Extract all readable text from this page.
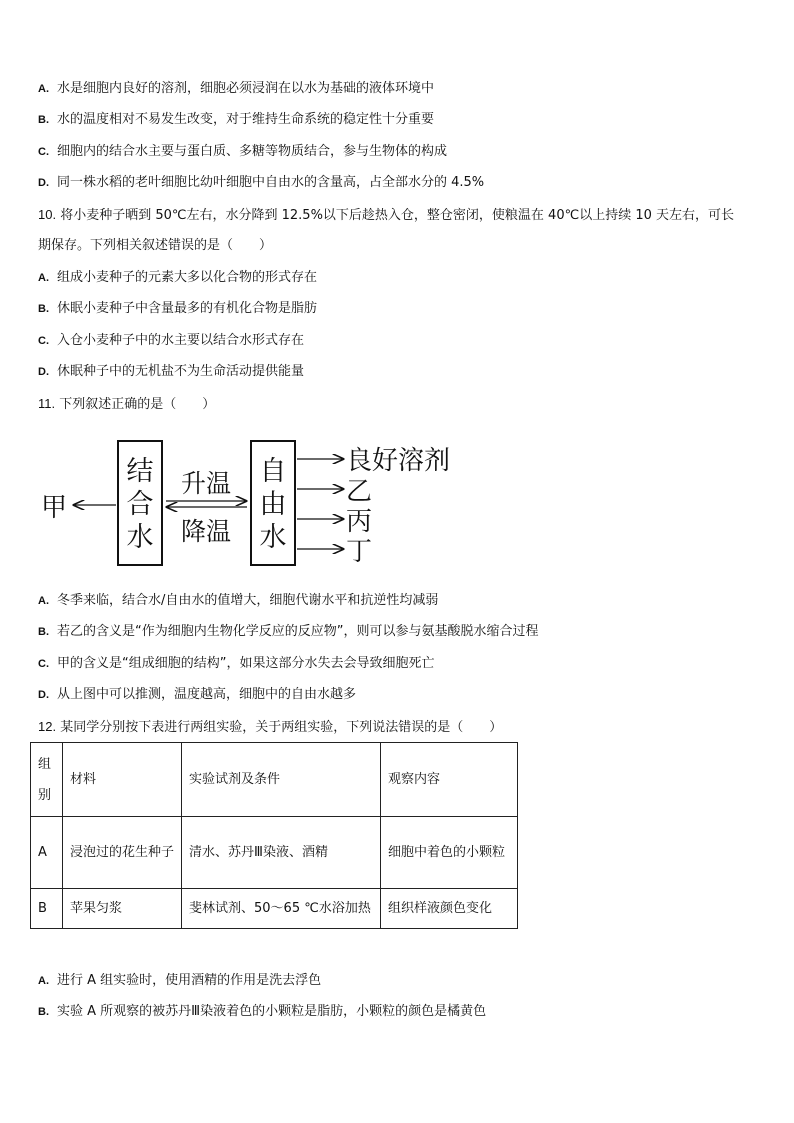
A. 水是细胞内良好的溶剂，细胞必须浸润在以水为基础的液体环境中
B. 水的温度相对不易发生改变，对于维持生命系统的稳定性十分重要
C. 细胞内的结合水主要与蛋白质、多糖等物质结合，参与生物体的构成
D. 同一株水稻的老叶细胞比幼叶细胞中自由水的含量高，占全部水分的 4.5%
10. 将小麦种子晒到 50℃左右，水分降到 12.5%以下后趁热入仓，整仓密闭，使粮温在 40℃以上持续 10 天左右，可长
期保存。下列相关叙述错误的是（　　）
A. 组成小麦种子的元素大多以化合物的形式存在
B. 休眠小麦种子中含量最多的有机化合物是脂肪
C. 入仓小麦种子中的水主要以结合水形式存在
D. 休眠种子中的无机盐不为生命活动提供能量
11. 下列叙述正确的是（　　）
结
合
水
自
由
水
升温
降温
甲
良好溶剂
乙
丙
丁
A. 冬季来临，结合水/自由水的值增大，细胞代谢水平和抗逆性均减弱
B. 若乙的含义是“作为细胞内生物化学反应的反应物”，则可以参与氨基酸脱水缩合过程
C. 甲的含义是“组成细胞的结构”，如果这部分水失去会导致细胞死亡
D. 从上图中可以推测，温度越高，细胞中的自由水越多
12. 某同学分别按下表进行两组实验，关于两组实验，下列说法错误的是（　　）
组别	材料	实验试剂及条件	观察内容
A	浸泡过的花生种子	清水、苏丹Ⅲ染液、酒精	细胞中着色的小颗粒
B	苹果匀浆	斐林试剂、50～65 ℃水浴加热	组织样液颜色变化
A. 进行 A 组实验时，使用酒精的作用是洗去浮色
B. 实验 A 所观察的被苏丹Ⅲ染液着色的小颗粒是脂肪，小颗粒的颜色是橘黄色
